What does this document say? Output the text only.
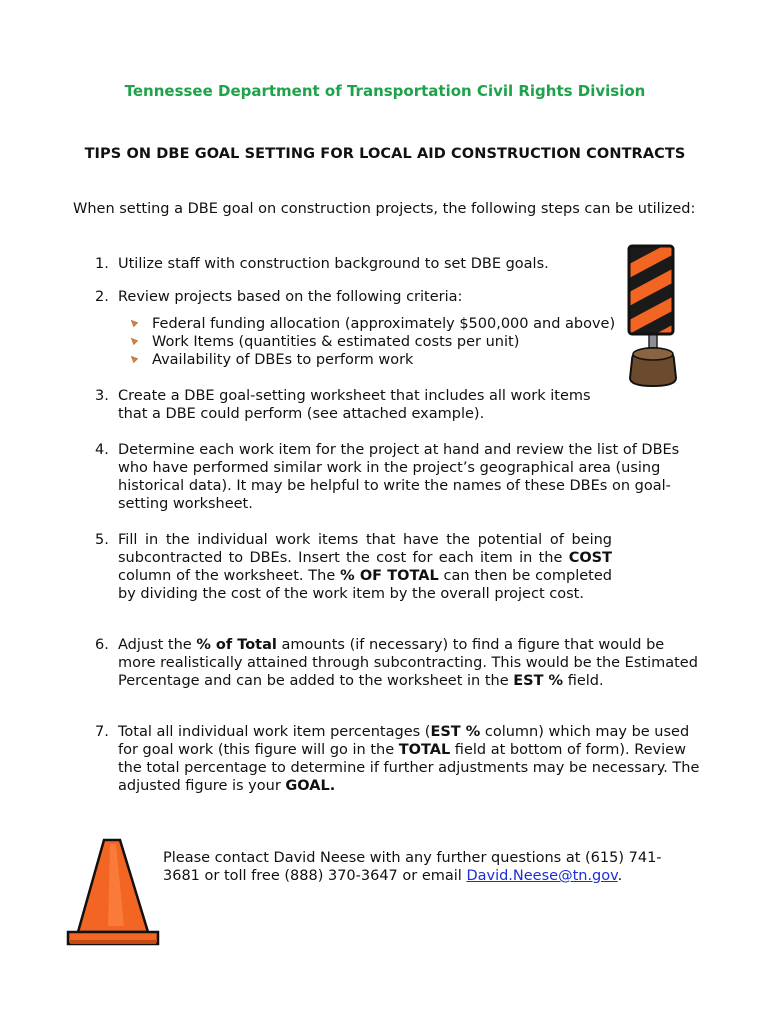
Tennessee Department of Transportation Civil Rights Division
TIPS ON DBE GOAL SETTING FOR LOCAL AID CONSTRUCTION CONTRACTS
When setting a DBE goal on construction projects, the following steps can be utilized:
1. Utilize staff with construction background to set DBE goals.
2. Review projects based on the following criteria:
Federal funding allocation (approximately $500,000 and above)
Work Items (quantities & estimated costs per unit)
Availability of DBEs to perform work
3. Create a DBE goal-setting worksheet that includes all work items that a DBE could perform (see attached example).
4. Determine each work item for the project at hand and review the list of DBEs who have performed similar work in the project’s geographical area (using historical data). It may be helpful to write the names of these DBEs on goal-setting worksheet.
5. Fill in the individual work items that have the potential of being subcontracted to DBEs. Insert the cost for each item in the COST column of the worksheet. The % OF TOTAL can then be completed by dividing the cost of the work item by the overall project cost.
6. Adjust the % of Total amounts (if necessary) to find a figure that would be more realistically attained through subcontracting. This would be the Estimated Percentage and can be added to the worksheet in the EST % field.
7. Total all individual work item percentages (EST % column) which may be used for goal work (this figure will go in the TOTAL field at bottom of form). Review the total percentage to determine if further adjustments may be necessary. The adjusted figure is your GOAL.
Please contact David Neese with any further questions at (615) 741-3681 or toll free (888) 370-3647 or email David.Neese@tn.gov.
